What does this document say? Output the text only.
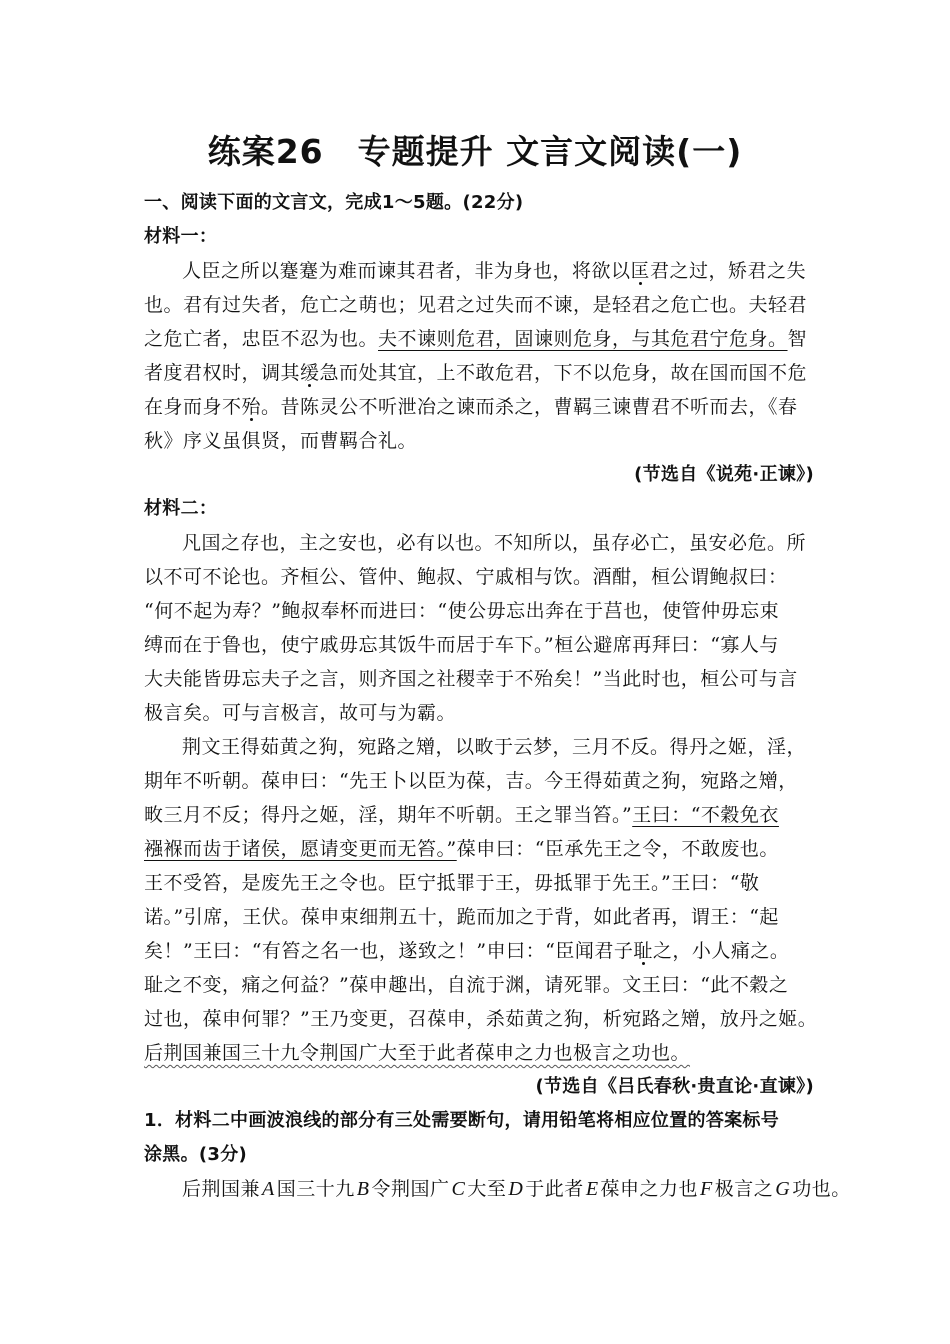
练案26　专题提升 文言文阅读(一)
一、阅读下面的文言文，完成1～5题。(22分)
材料一：
人臣之所以蹇蹇为难而谏其君者，非为身也，将欲以匡君之过，矫君之失
也。君有过失者，危亡之萌也；见君之过失而不谏，是轻君之危亡也。夫轻君
之危亡者，忠臣不忍为也。夫不谏则危君，固谏则危身，与其危君宁危身。智
者度君权时，调其缓急而处其宜，上不敢危君，下不以危身，故在国而国不危
在身而身不殆。昔陈灵公不听泄冶之谏而杀之，曹羁三谏曹君不听而去，《春
秋》序义虽俱贤，而曹羁合礼。
(节选自《说苑·正谏》)
材料二：
凡国之存也，主之安也，必有以也。不知所以，虽存必亡，虽安必危。所
以不可不论也。齐桓公、管仲、鲍叔、宁戚相与饮。酒酣，桓公谓鲍叔曰：
“何不起为寿？”鲍叔奉杯而进曰：“使公毋忘出奔在于莒也，使管仲毋忘束
缚而在于鲁也，使宁戚毋忘其饭牛而居于车下。”桓公避席再拜曰：“寡人与
大夫能皆毋忘夫子之言，则齐国之社稷幸于不殆矣！”当此时也，桓公可与言
极言矣。可与言极言，故可与为霸。
荆文王得茹黄之狗，宛路之矰，以畋于云梦，三月不反。得丹之姬，淫，
期年不听朝。葆申曰：“先王卜以臣为葆，吉。今王得茹黄之狗，宛路之矰，
畋三月不反；得丹之姬，淫，期年不听朝。王之罪当笞。”王曰：“不穀免衣
襁褓而齿于诸侯，愿请变更而无笞。”葆申曰：“臣承先王之令，不敢废也。
王不受笞，是废先王之令也。臣宁抵罪于王，毋抵罪于先王。”王曰：“敬
诺。”引席，王伏。葆申束细荆五十，跪而加之于背，如此者再，谓王：“起
矣！”王曰：“有笞之名一也，遂致之！”申曰：“臣闻君子耻之，小人痛之。
耻之不变，痛之何益？”葆申趣出，自流于渊，请死罪。文王曰：“此不穀之
过也，葆申何罪？”王乃变更，召葆申，杀茹黄之狗，析宛路之矰，放丹之姬。
后荆国兼国三十九令荆国广大至于此者葆申之力也极言之功也。
(节选自《吕氏春秋·贵直论·直谏》)
1．材料二中画波浪线的部分有三处需要断句，请用铅笔将相应位置的答案标号
涂黑。(3分)
后荆国兼 A 国三十九 B 令荆国广 C 大至 D 于此者 E 葆申之力也 F 极言之 G 功也。
